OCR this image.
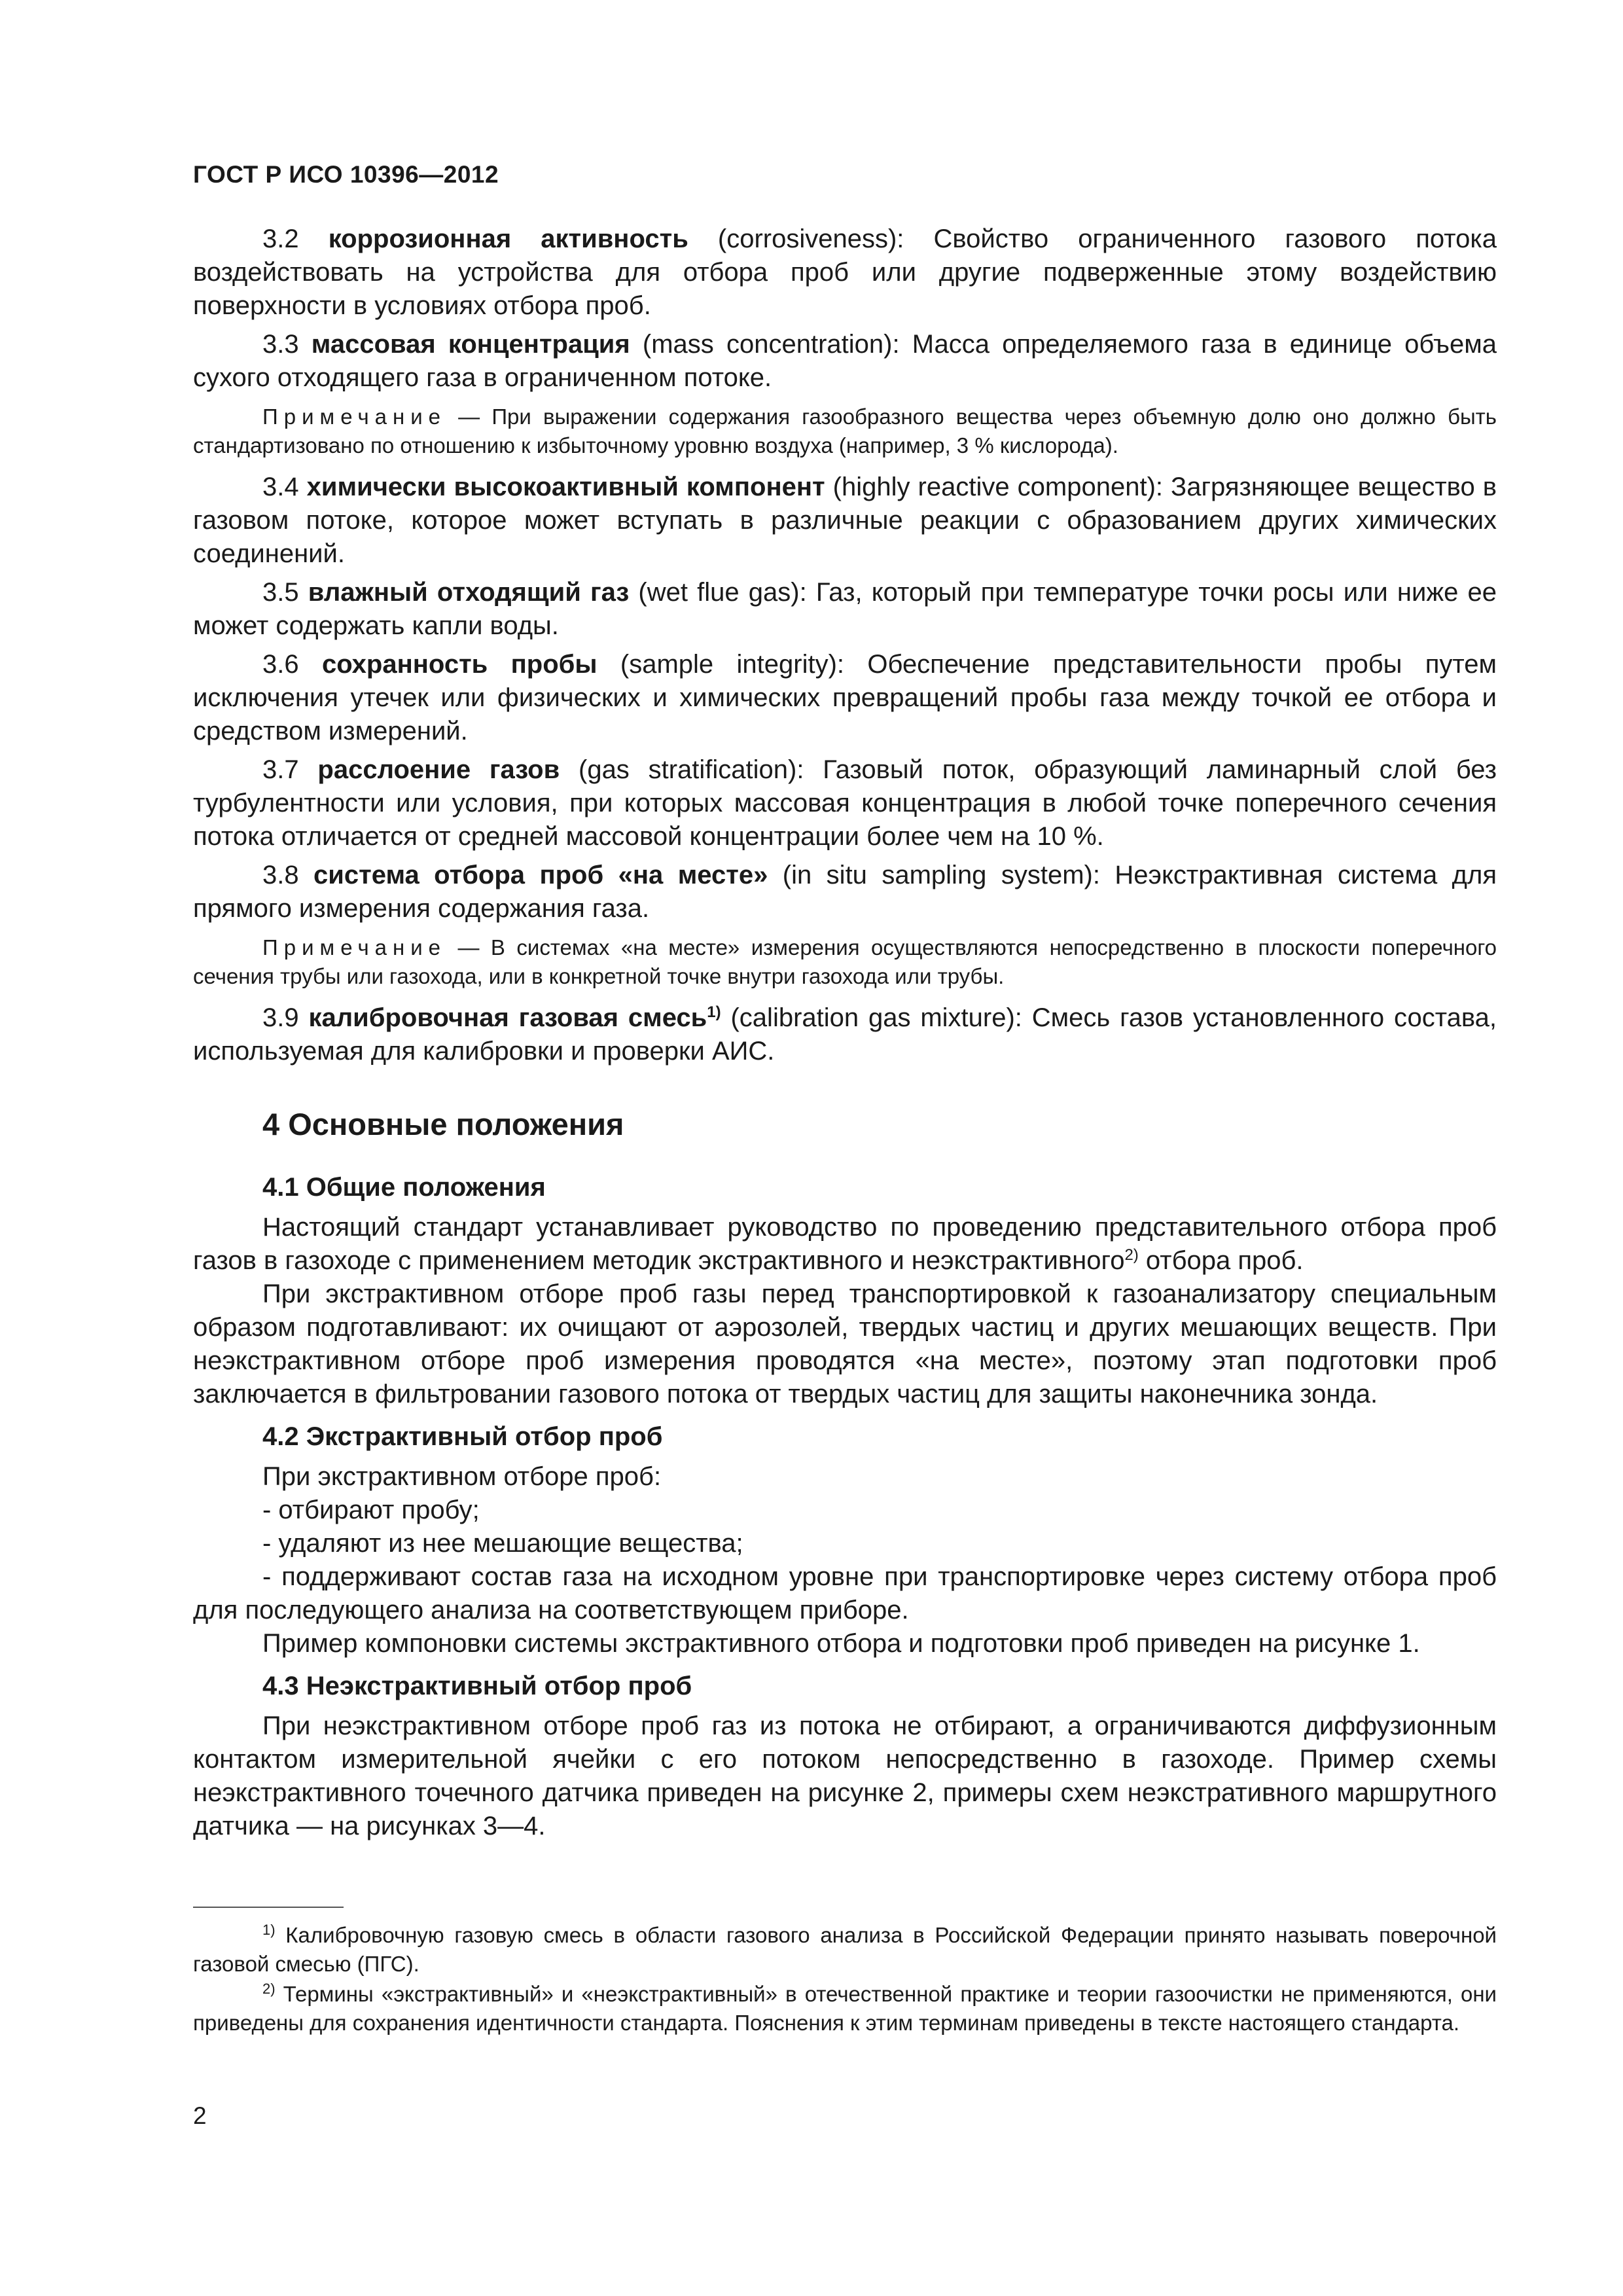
ГОСТ Р ИСО 10396—2012

3.2 коррозионная активность (corrosiveness): Свойство ограниченного газового потока воздействовать на устройства для отбора проб или другие подверженные этому воздействию поверхности в условиях отбора проб.

3.3 массовая концентрация (mass concentration): Масса определяемого газа в единице объема сухого отходящего газа в ограниченном потоке.

Примечание — При выражении содержания газообразного вещества через объемную долю оно должно быть стандартизовано по отношению к избыточному уровню воздуха (например, 3 % кислорода).

3.4 химически высокоактивный компонент (highly reactive component): Загрязняющее вещество в газовом потоке, которое может вступать в различные реакции с образованием других химических соединений.

3.5 влажный отходящий газ (wet flue gas): Газ, который при температуре точки росы или ниже ее может содержать капли воды.

3.6 сохранность пробы (sample integrity): Обеспечение представительности пробы путем исключения утечек или физических и химических превращений пробы газа между точкой ее отбора и средством измерений.

3.7 расслоение газов (gas stratification): Газовый поток, образующий ламинарный слой без турбулентности или условия, при которых массовая концентрация в любой точке поперечного сечения потока отличается от средней массовой концентрации более чем на 10 %.

3.8 система отбора проб «на месте» (in situ sampling system): Неэкстрактивная система для прямого измерения содержания газа.

Примечание — В системах «на месте» измерения осуществляются непосредственно в плоскости поперечного сечения трубы или газохода, или в конкретной точке внутри газохода или трубы.

3.9 калибровочная газовая смесь$^{1)}$ (calibration gas mixture): Смесь газов установленного состава, используемая для калибровки и проверки АИС.

4 Основные положения
4.1 Общие положения

Настоящий стандарт устанавливает руководство по проведению представительного отбора проб газов в газоходе с применением методик экстрактивного и неэкстрактивного$^{2)}$ отбора проб.

При экстрактивном отборе проб газы перед транспортировкой к газоанализатору специальным образом подготавливают: их очищают от аэрозолей, твердых частиц и других мешающих веществ. При неэкстрактивном отборе проб измерения проводятся «на месте», поэтому этап подготовки проб заключается в фильтровании газового потока от твердых частиц для защиты наконечника зонда.

4.2 Экстрактивный отбор проб
При экстрактивном отборе проб:
- отбирают пробу;
- удаляют из нее мешающие вещества;
- поддерживают состав газа на исходном уровне при транспортировке через систему отбора проб для последующего анализа на соответствующем приборе.

Пример компоновки системы экстрактивного отбора и подготовки проб приведен на рисунке 1.

4.3 Неэкстрактивный отбор проб

При неэкстрактивном отборе проб газ из потока не отбирают, а ограничиваются диффузионным контактом измерительной ячейки с его потоком непосредственно в газоходе. Пример схемы неэкстрактивного точечного датчика приведен на рисунке 2, примеры схем неэкстративного маршрутного датчика — на рисунках 3—4.

$^{1)}$ Калибровочную газовую смесь в области газового анализа в Российской Федерации принято называть поверочной газовой смесью (ПГС).

$^{2)}$ Термины «экстрактивный» и «неэкстрактивный» в отечественной практике и теории газоочистки не применяются, они приведены для сохранения идентичности стандарта. Пояснения к этим терминам приведены в тексте настоящего стандарта.

2
